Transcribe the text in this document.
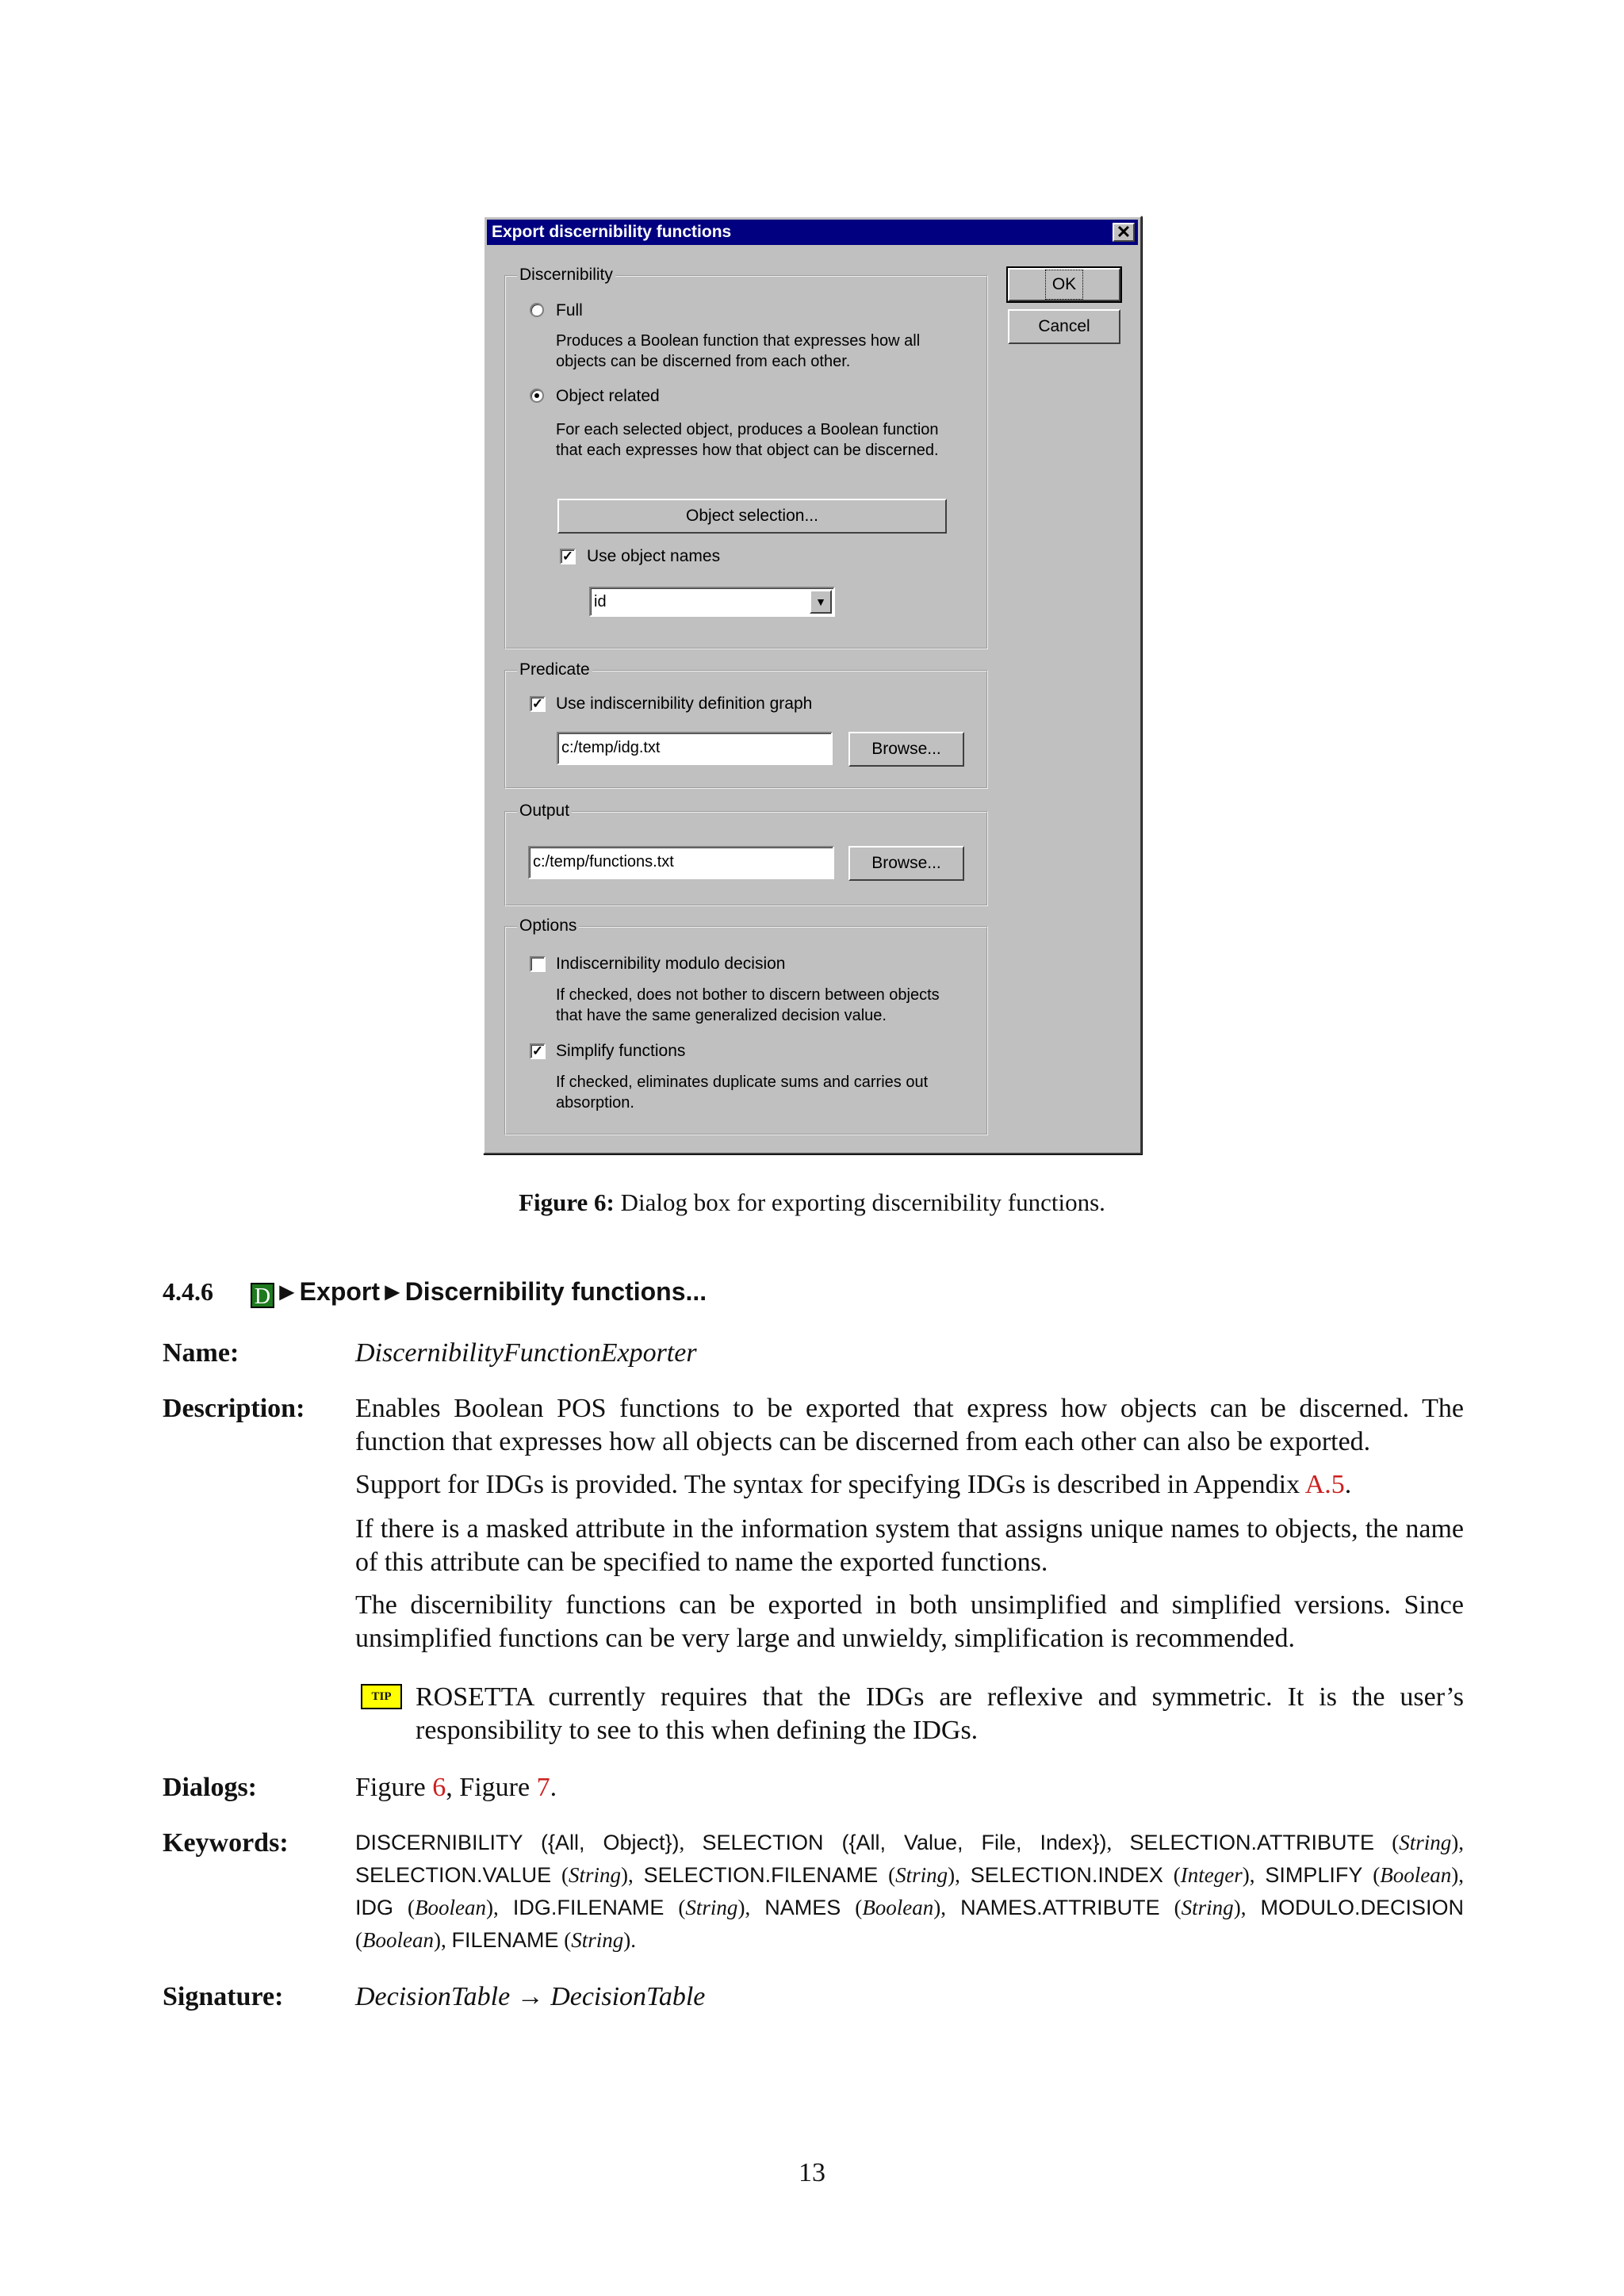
Export discernibility functions	✕
OK
Cancel
Discernibility
Full
Produces a Boolean function that expresses how all objects can be discerned from each other.
Object related
For each selected object, produces a Boolean function that each expresses how that object can be discerned.
Object selection...
✓ Use object names
id	▼
Predicate
✓ Use indiscernibility definition graph
c:/temp/idg.txt	Browse...
Output
c:/temp/functions.txt	Browse...
Options
Indiscernibility modulo decision
If checked, does not bother to discern between objects that have the same generalized decision value.
✓ Simplify functions
If checked, eliminates duplicate sums and carries out absorption.
Figure 6: Dialog box for exporting discernibility functions.
4.4.6 D ►Export►Discernibility functions...
Name:	DiscernibilityFunctionExporter
Description: Enables Boolean POS functions to be exported that express how objects can be discerned. The function that expresses how all objects can be discerned from each other can also be exported.
Support for IDGs is provided. The syntax for specifying IDGs is described in Appendix A.5.
If there is a masked attribute in the information system that assigns unique names to objects, the name of this attribute can be specified to name the exported functions.
The discernibility functions can be exported in both unsimplified and simplified versions. Since unsimplified functions can be very large and unwieldy, simplification is recommended.
TIP ROSETTA currently requires that the IDGs are reflexive and symmetric. It is the user’s responsibility to see to this when defining the IDGs.
Dialogs:	Figure 6, Figure 7.
Keywords:	DISCERNIBILITY ({All, Object}), SELECTION ({All, Value, File, Index}), SELECTION.ATTRIBUTE (String), SELECTION.VALUE (String), SELECTION.FILENAME (String), SELECTION.INDEX (Integer), SIMPLIFY (Boolean), IDG (Boolean), IDG.FILENAME (String), NAMES (Boolean), NAMES.ATTRIBUTE (String), MODULO.DECISION (Boolean), FILENAME (String).
Signature:	DecisionTable → DecisionTable
13
